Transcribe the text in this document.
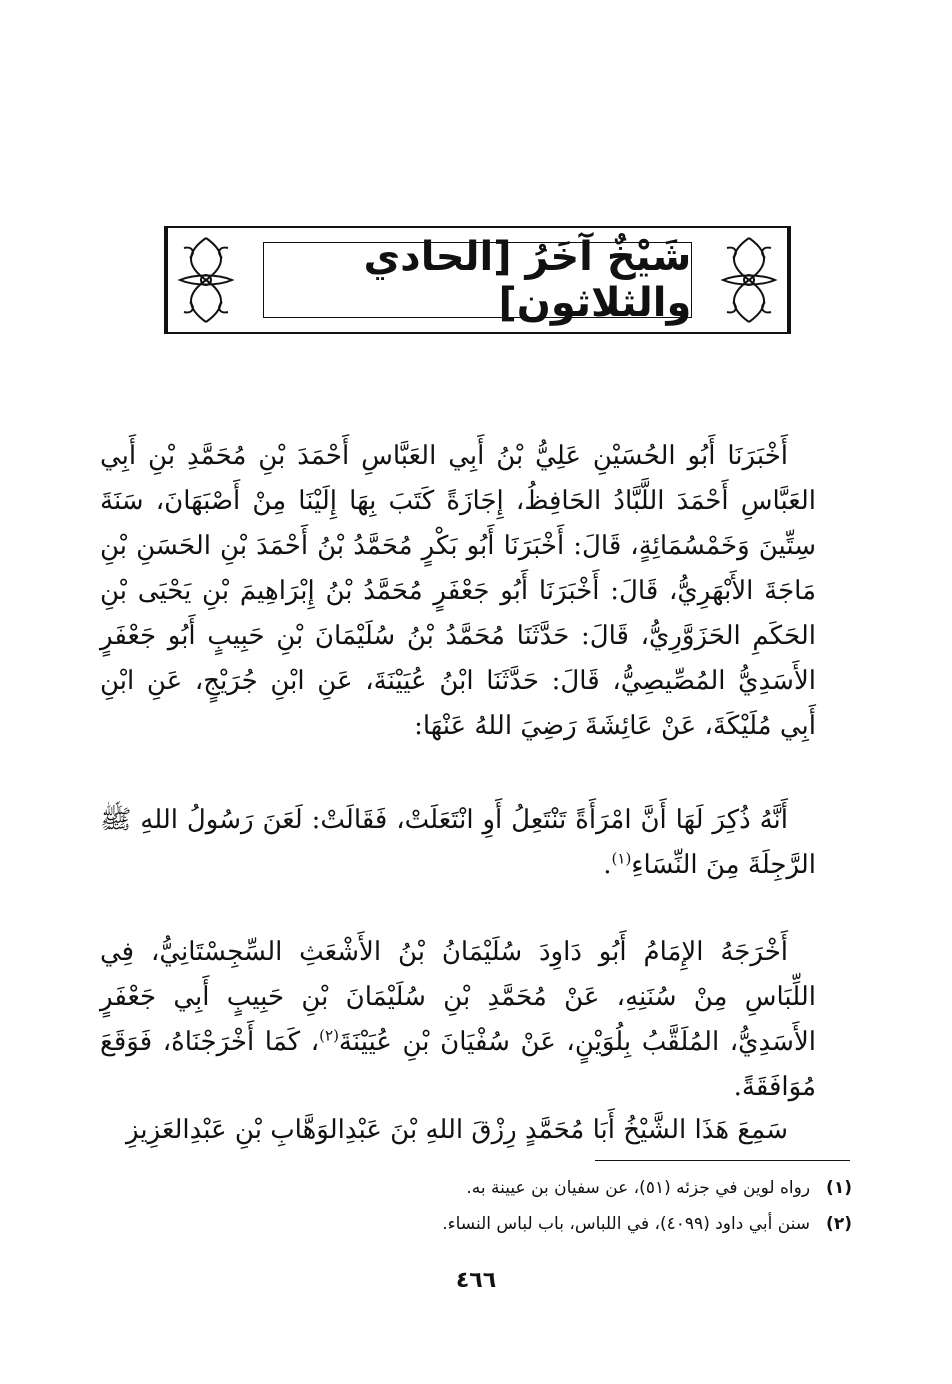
شَيْخٌ آخَرُ [الحادي والثلاثون]

أَخْبَرَنَا أَبُو الحُسَيْنِ عَلِيُّ بْنُ أَبِي العَبَّاسِ أَحْمَدَ بْنِ مُحَمَّدِ بْنِ أَبِي العَبَّاسِ أَحْمَدَ اللَّبَّادُ الحَافِظُ، إِجَازَةً كَتَبَ بِهَا إِلَيْنَا مِنْ أَصْبَهَانَ، سَنَةَ سِتِّينَ وَخَمْسُمَائِةٍ، قَالَ: أَخْبَرَنَا أَبُو بَكْرٍ مُحَمَّدُ بْنُ أَحْمَدَ بْنِ الحَسَنِ بْنِ مَاجَةَ الأَبْهَرِيُّ، قَالَ: أَخْبَرَنَا أَبُو جَعْفَرٍ مُحَمَّدُ بْنُ إِبْرَاهِيمَ بْنِ يَحْيَى بْنِ الحَكَمِ الحَزَوَّرِيُّ، قَالَ: حَدَّثَنَا مُحَمَّدُ بْنُ سُلَيْمَانَ بْنِ حَبِيبٍ أَبُو جَعْفَرٍ الأَسَدِيُّ المُصِّيصِيُّ، قَالَ: حَدَّثَنَا ابْنُ عُيَيْنَةَ، عَنِ ابْنِ جُرَيْجٍ، عَنِ ابْنِ أَبِي مُلَيْكَةَ، عَنْ عَائِشَةَ رَضِيَ اللهُ عَنْهَا:

أَنَّهُ ذُكِرَ لَهَا أَنَّ امْرَأَةً تَنْتَعِلُ أَوِ انْتَعَلَتْ، فَقَالَتْ: لَعَنَ رَسُولُ اللهِ ﷺ الرَّجِلَةَ مِنَ النِّسَاءِ$^{(١)}$.

أَخْرَجَهُ الإِمَامُ أَبُو دَاوِدَ سُلَيْمَانُ بْنُ الأَشْعَثِ السِّجِسْتَانِيُّ، فِي اللِّبَاسِ مِنْ سُنَنِهِ، عَنْ مُحَمَّدِ بْنِ سُلَيْمَانَ بْنِ حَبِيبٍ أَبِي جَعْفَرٍ الأَسَدِيُّ، المُلَقَّبُ بِلُوَيْنٍ، عَنْ سُفْيَانَ بْنِ عُيَيْنَةَ$^{(٢)}$، كَمَا أَخْرَجْنَاهُ، فَوَقَعَ مُوَافَقَةً.

سَمِعَ هَذَا الشَّيْخُ أَبَا مُحَمَّدٍ رِزْقَ اللهِ بْنَ عَبْدِالوَهَّابِ بْنِ عَبْدِالعَزِيزِ

(١)رواه لوين في جزئه (٥١)، عن سفيان بن عيينة به.
(٢)سنن أبي داود (٤٠٩٩)، في اللباس، باب لباس النساء.
٤٦٦
